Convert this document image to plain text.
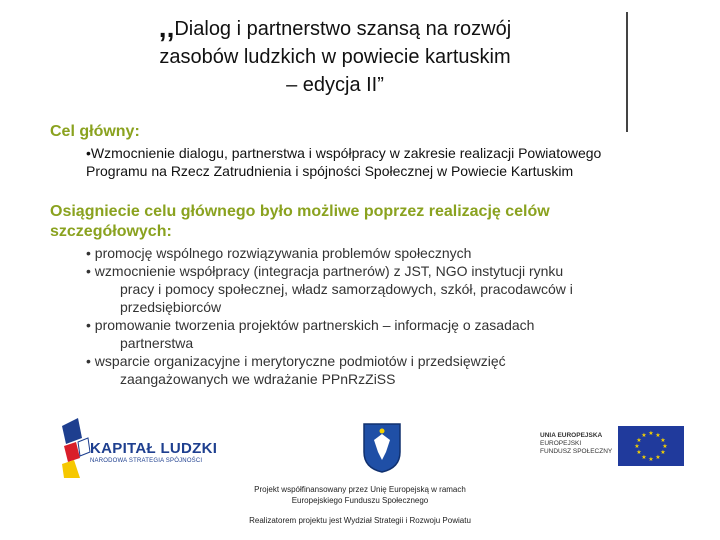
,,Dialog i partnerstwo szansą na rozwój
zasobów ludzkich w powiecie kartuskim
– edycja II”
Cel główny:
•Wzmocnienie dialogu, partnerstwa i współpracy w zakresie realizacji Powiatowego Programu na Rzecz Zatrudnienia i spójności Społecznej w Powiecie Kartuskim
Osiągniecie celu głównego było możliwe poprzez realizację celów szczegółowych:

• promocję wspólnego rozwiązywania problemów społecznych

• wzmocnienie współpracy (integracja partnerów) z JST, NGO instytucji rynku
pracy i pomocy społecznej, władz samorządowych, szkół, pracodawców i przedsiębiorców

• promowanie tworzenia projektów partnerskich – informację o zasadach
partnerstwa

• wsparcie organizacyjne i merytoryczne podmiotów i przedsięwzięć
zaangażowanych we wdrażanie PPnRzZiSS

KAPITAŁ LUDZKI
NARODOWA STRATEGIA SPÓJNOŚCI
UNIA EUROPEJSKA
EUROPEJSKI
FUNDUSZ SPOŁECZNY
★ ★
★
★
★
★
★
★
★
★
★
★
Projekt współfinansowany przez Unię Europejską w ramach
Europejskiego Funduszu Społecznego
Realizatorem projektu jest Wydział Strategii i Rozwoju Powiatu
